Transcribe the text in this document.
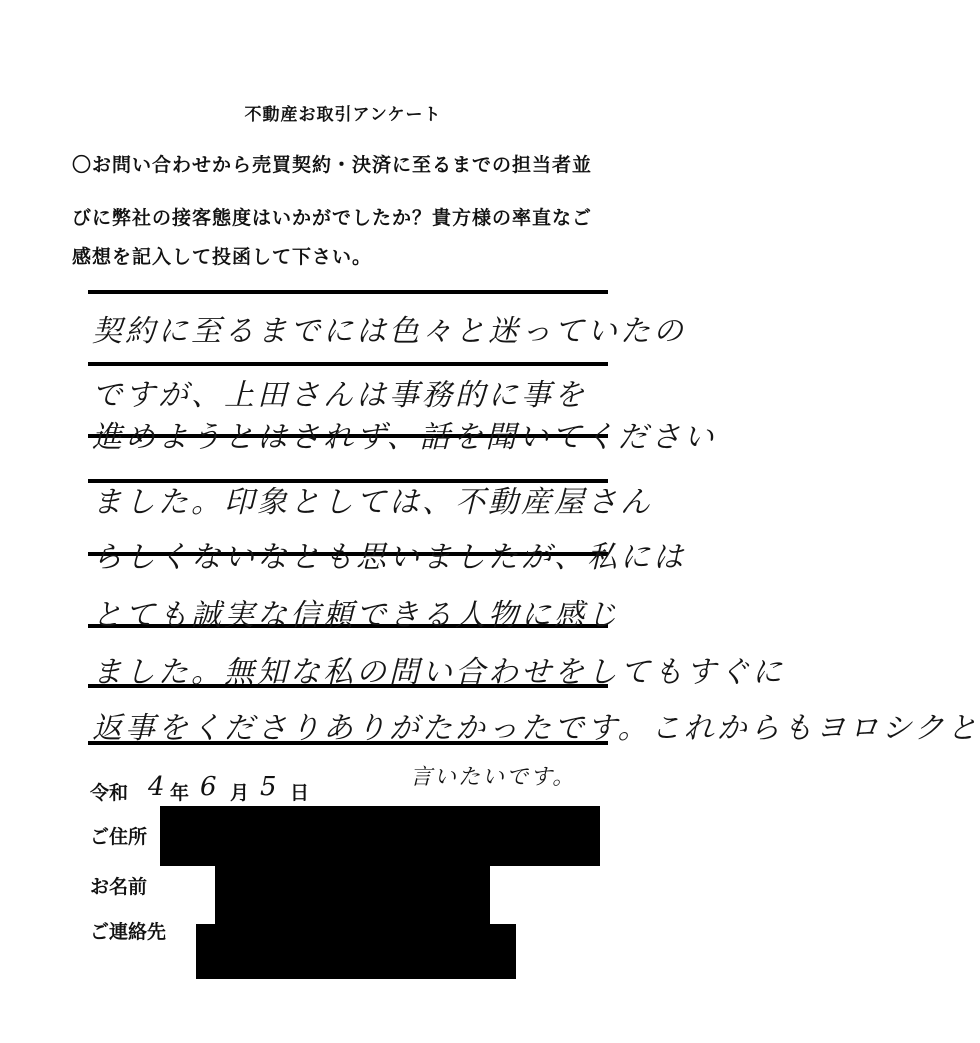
不動産お取引アンケート
〇お問い合わせから売買契約・決済に至るまでの担当者並
びに弊社の接客態度はいかがでしたか？貴方様の率直なご
感想を記入して投函して下さい。
契約に至るまでには色々と迷っていたの
ですが、上田さんは事務的に事を
進めようとはされず、話を聞いてください
ました。印象としては、不動産屋さん
らしくないなとも思いましたが、私には
とても誠実な信頼できる人物に感じ
ました。無知な私の問い合わせをしてもすぐに
返事をくださりありがたかったです。これからもヨロシクと
言いたいです。
令和 4 年 6 月 5 日
ご住所
お名前
ご連絡先
